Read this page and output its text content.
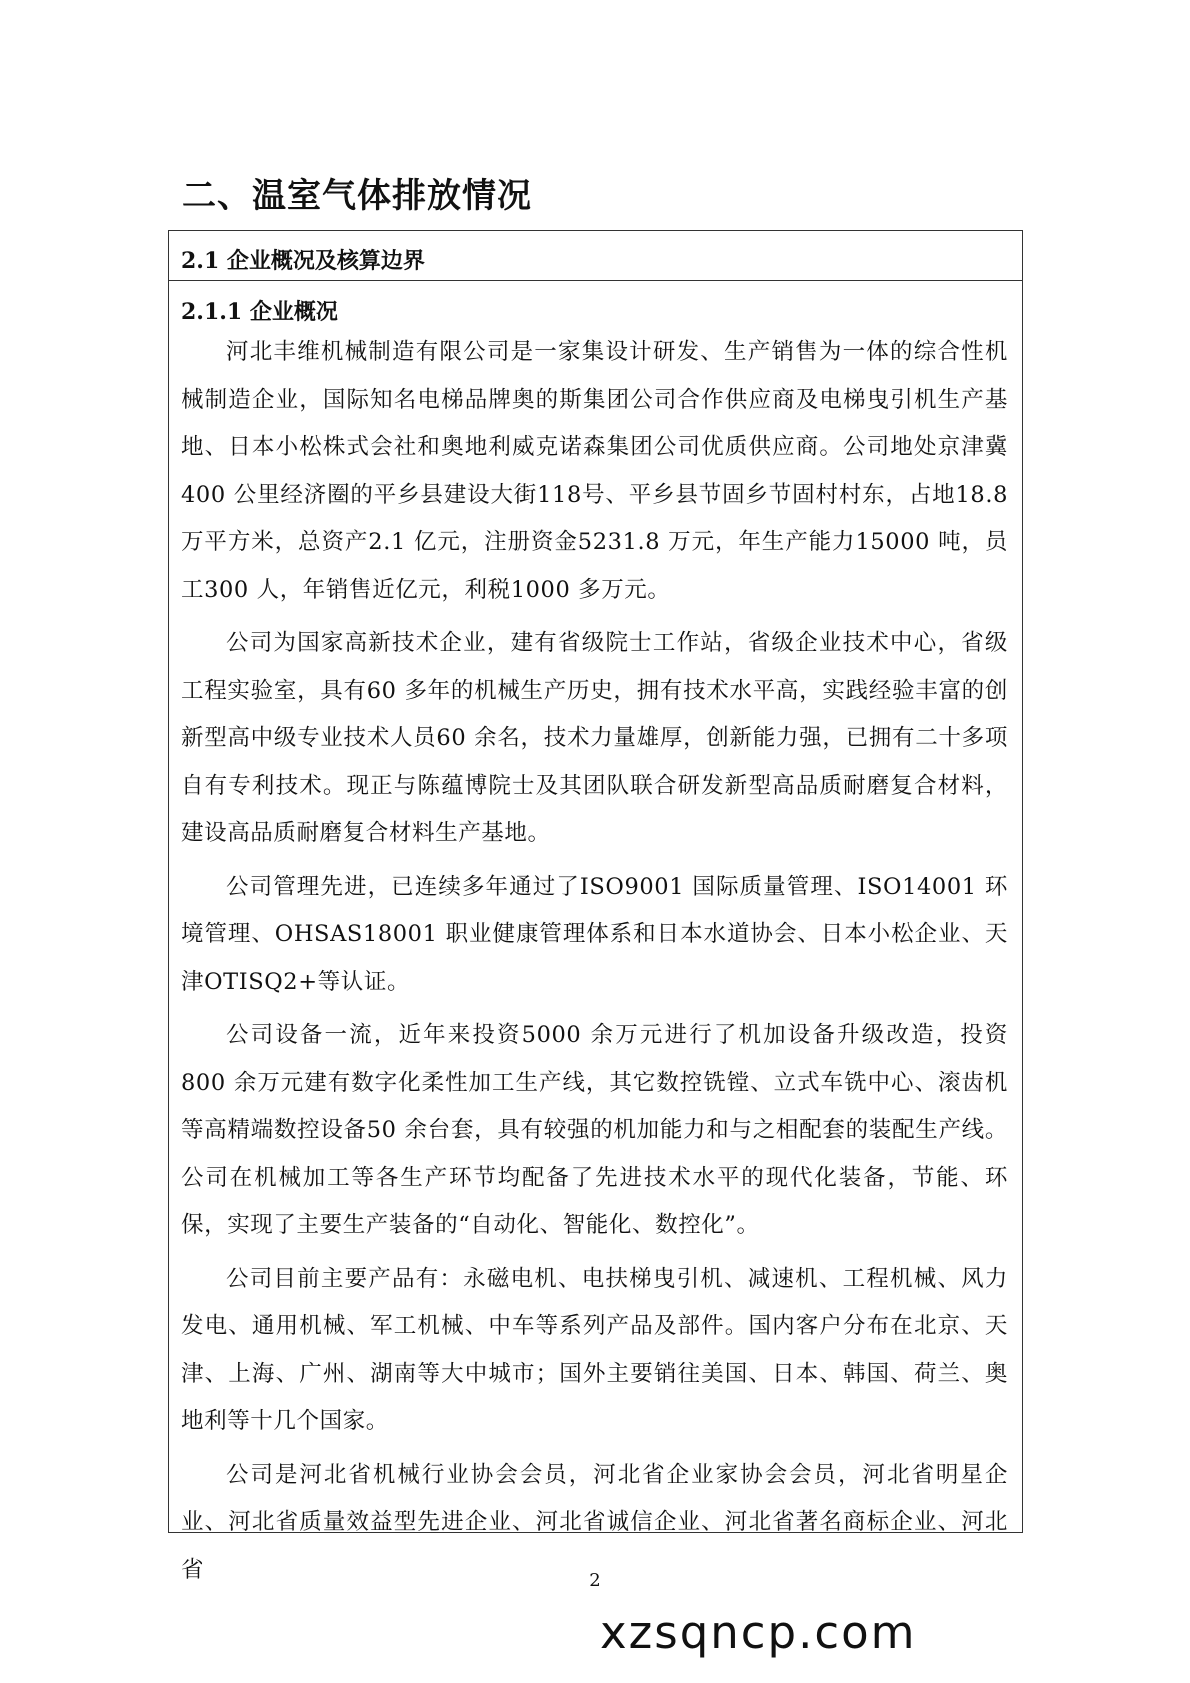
二、温室气体排放情况
2.1 企业概况及核算边界
2.1.1 企业概况

河北丰维机械制造有限公司是一家集设计研发、生产销售为一体的综合性机械制造企业，国际知名电梯品牌奥的斯集团公司合作供应商及电梯曳引机生产基地、日本小松株式会社和奥地利威克诺森集团公司优质供应商。公司地处京津冀400 公里经济圈的平乡县建设大街118号、平乡县节固乡节固村村东，占地18.8 万平方米，总资产2.1 亿元，注册资金5231.8 万元，年生产能力15000 吨，员工300 人，年销售近亿元，利税1000 多万元。

公司为国家高新技术企业，建有省级院士工作站，省级企业技术中心，省级工程实验室，具有60 多年的机械生产历史，拥有技术水平高，实践经验丰富的创新型高中级专业技术人员60 余名，技术力量雄厚，创新能力强，已拥有二十多项自有专利技术。现正与陈蕴博院士及其团队联合研发新型高品质耐磨复合材料，建设高品质耐磨复合材料生产基地。

公司管理先进，已连续多年通过了ISO9001 国际质量管理、ISO14001 环境管理、OHSAS18001 职业健康管理体系和日本水道协会、日本小松企业、天津OTISQ2+等认证。

公司设备一流，近年来投资5000 余万元进行了机加设备升级改造，投资800 余万元建有数字化柔性加工生产线，其它数控铣镗、立式车铣中心、滚齿机等高精端数控设备50 余台套，具有较强的机加能力和与之相配套的装配生产线。公司在机械加工等各生产环节均配备了先进技术水平的现代化装备，节能、环保，实现了主要生产装备的“自动化、智能化、数控化”。

公司目前主要产品有：永磁电机、电扶梯曳引机、减速机、工程机械、风力发电、通用机械、军工机械、中车等系列产品及部件。国内客户分布在北京、天津、上海、广州、湖南等大中城市；国外主要销往美国、日本、韩国、荷兰、奥地利等十几个国家。

公司是河北省机械行业协会会员，河北省企业家协会会员，河北省明星企业、河北省质量效益型先进企业、河北省诚信企业、河北省著名商标企业、河北省	2
xzsqncp.com
